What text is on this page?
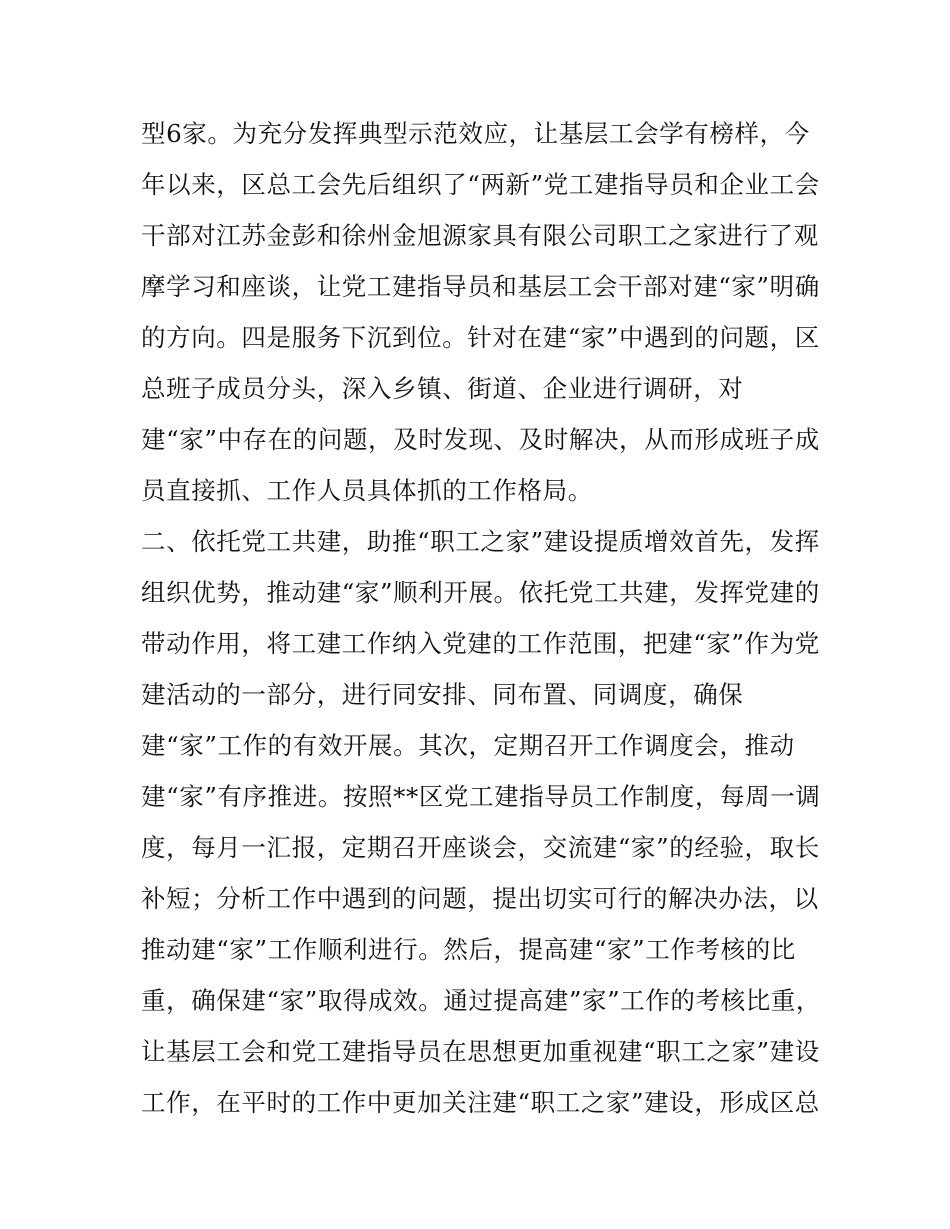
型6家。为充分发挥典型示范效应，让基层工会学有榜样，今
年以来，区总工会先后组织了“两新”党工建指导员和企业工会
干部对江苏金彭和徐州金旭源家具有限公司职工之家进行了观
摩学习和座谈，让党工建指导员和基层工会干部对建“家”明确
的方向。四是服务下沉到位。针对在建“家”中遇到的问题，区
总班子成员分头，深入乡镇、街道、企业进行调研，对
建“家”中存在的问题，及时发现、及时解决，从而形成班子成
员直接抓、工作人员具体抓的工作格局。
二、依托党工共建，助推“职工之家”建设提质增效首先，发挥
组织优势，推动建“家”顺利开展。依托党工共建，发挥党建的
带动作用，将工建工作纳入党建的工作范围，把建“家”作为党
建活动的一部分，进行同安排、同布置、同调度，确保
建“家”工作的有效开展。其次，定期召开工作调度会，推动
建“家”有序推进。按照**区党工建指导员工作制度，每周一调
度，每月一汇报，定期召开座谈会，交流建“家”的经验，取长
补短；分析工作中遇到的问题，提出切实可行的解决办法，以
推动建“家”工作顺利进行。然后，提高建“家”工作考核的比
重，确保建“家”取得成效。通过提高建”家”工作的考核比重，
让基层工会和党工建指导员在思想更加重视建“职工之家”建设
工作，在平时的工作中更加关注建“职工之家”建设，形成区总
